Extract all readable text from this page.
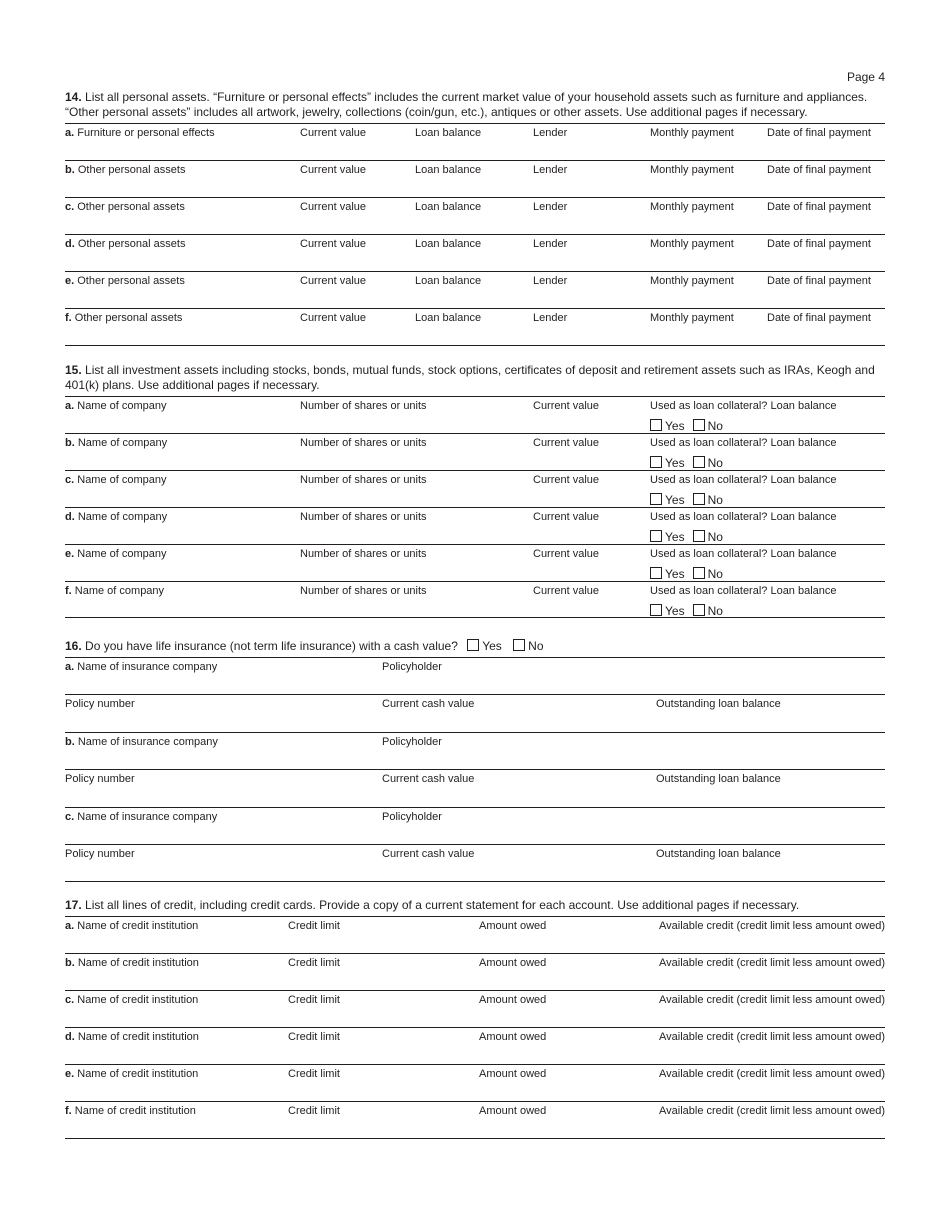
Page 4
14. List all personal assets. “Furniture or personal effects” includes the current market value of your household assets such as furniture and appliances. “Other personal assets” includes all artwork, jewelry, collections (coin/gun, etc.), antiques or other assets. Use additional pages if necessary.
a. Furniture or personal effects	Current value	Loan balance	Lender	Monthly payment	Date of final payment
b. Other personal assets	Current value	Loan balance	Lender	Monthly payment	Date of final payment
c. Other personal assets	Current value	Loan balance	Lender	Monthly payment	Date of final payment
d. Other personal assets	Current value	Loan balance	Lender	Monthly payment	Date of final payment
e. Other personal assets	Current value	Loan balance	Lender	Monthly payment	Date of final payment
f. Other personal assets	Current value	Loan balance	Lender	Monthly payment	Date of final payment
15. List all investment assets including stocks, bonds, mutual funds, stock options, certificates of deposit and retirement assets such as IRAs, Keogh and 401(k) plans. Use additional pages if necessary.
a. Name of company	Number of shares or units	Current value	Used as loan collateral? Loan balance
Yes No
b. Name of company	Number of shares or units	Current value	Used as loan collateral? Loan balance
Yes No
c. Name of company	Number of shares or units	Current value	Used as loan collateral? Loan balance
Yes No
d. Name of company	Number of shares or units	Current value	Used as loan collateral? Loan balance
Yes No
e. Name of company	Number of shares or units	Current value	Used as loan collateral? Loan balance
Yes No
f. Name of company	Number of shares or units	Current value	Used as loan collateral? Loan balance
Yes No
16. Do you have life insurance (not term life insurance) with a cash value? Yes No
a. Name of insurance company	Policyholder
Policy number	Current cash value	Outstanding loan balance
b. Name of insurance company	Policyholder
Policy number	Current cash value	Outstanding loan balance
c. Name of insurance company	Policyholder
Policy number	Current cash value	Outstanding loan balance
17. List all lines of credit, including credit cards. Provide a copy of a current statement for each account. Use additional pages if necessary.
a. Name of credit institution	Credit limit	Amount owed	Available credit (credit limit less amount owed)
b. Name of credit institution	Credit limit	Amount owed	Available credit (credit limit less amount owed)
c. Name of credit institution	Credit limit	Amount owed	Available credit (credit limit less amount owed)
d. Name of credit institution	Credit limit	Amount owed	Available credit (credit limit less amount owed)
e. Name of credit institution	Credit limit	Amount owed	Available credit (credit limit less amount owed)
f. Name of credit institution	Credit limit	Amount owed	Available credit (credit limit less amount owed)
